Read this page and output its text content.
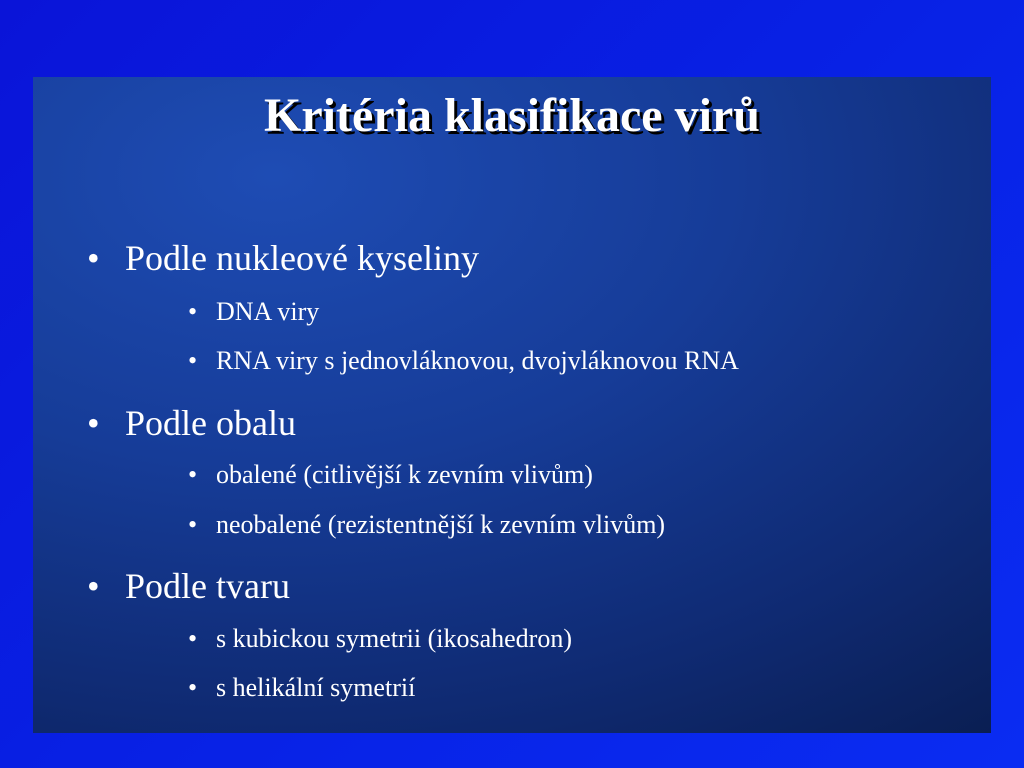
Kritéria klasifikace virů
• Podle nukleové kyseliny
• DNA viry
• RNA viry s jednovláknovou, dvojvláknovou RNA
• Podle obalu
• obalené (citlivější k zevním vlivům)
• neobalené (rezistentnější k zevním vlivům)
• Podle tvaru
• s kubickou symetrii (ikosahedron)
• s helikální symetrií
